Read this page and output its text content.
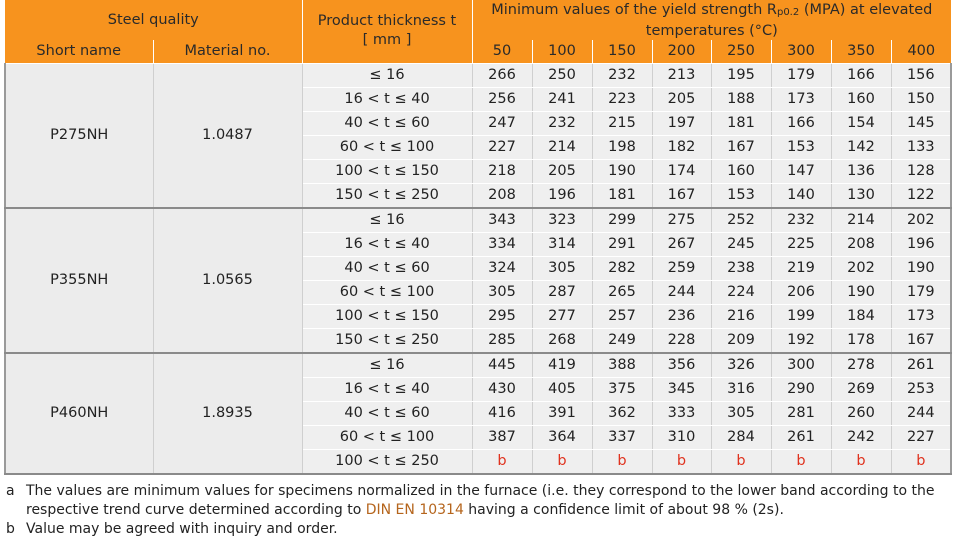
Steel quality		Product thickness t
[ mm ]	Minimum values of the yield strength $R_{p0.2}$ (MPA) at elevated
temperatures (°C)							

Short name	Material no.		50	100	150	200	250	300	350	400
P275NH	1.0487	≤ 16	266	250	232	213	195	179	166	156
		16 < t ≤ 40	256	241	223	205	188	173	160	150
		40 < t ≤ 60	247	232	215	197	181	166	154	145
		60 < t ≤ 100	227	214	198	182	167	153	142	133
		100 < t ≤ 150	218	205	190	174	160	147	136	128
		150 < t ≤ 250	208	196	181	167	153	140	130	122
P355NH	1.0565	≤ 16	343	323	299	275	252	232	214	202
		16 < t ≤ 40	334	314	291	267	245	225	208	196
		40 < t ≤ 60	324	305	282	259	238	219	202	190
		60 < t ≤ 100	305	287	265	244	224	206	190	179
		100 < t ≤ 150	295	277	257	236	216	199	184	173
		150 < t ≤ 250	285	268	249	228	209	192	178	167
P460NH	1.8935	≤ 16	445	419	388	356	326	300	278	261
		16 < t ≤ 40	430	405	375	345	316	290	269	253
		40 < t ≤ 60	416	391	362	333	305	281	260	244
		60 < t ≤ 100	387	364	337	310	284	261	242	227
		100 < t ≤ 250	b	b	b	b	b	b	b	b
a The values are minimum values for specimens normalized in the furnace (i.e. they correspond to the lower band according to the respective trend curve determined according to DIN EN 10314 having a confidence limit of about 98 % (2s).
b Value may be agreed with inquiry and order.
